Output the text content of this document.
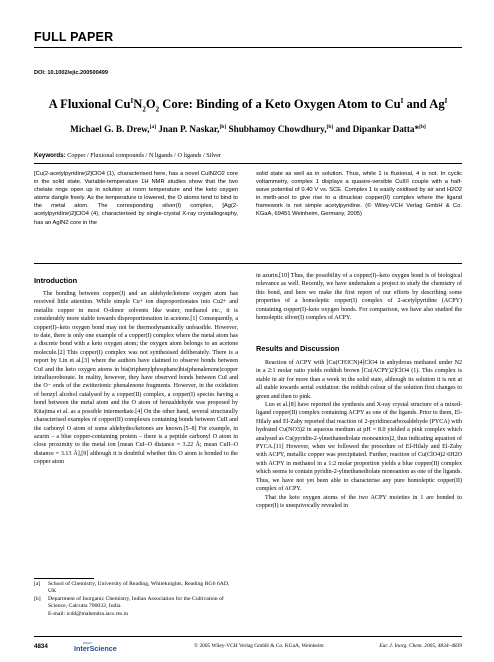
FULL PAPER
DOI: 10.1002/ejic.200500499
A Fluxional $Cu^IN_2O_2$ Core: Binding of a Keto Oxygen Atom to $Cu^I$ and $Ag^I$
Michael G. B. Drew,[a] Jnan P. Naskar,[b] Shubhamoy Chowdhury,[b] and Dipankar Datta*[b]
Keywords: Copper / Fluxional compounds / N ligands / O ligands / Silver
[Cu(2-acetylpyridine)2]ClO4 (1), characterised here, has a novel CuIN2O2 core in the solid state. Variable-temperature 1H NMR studies show that the two chelate rings open up in solution at room temperature and the keto oxygen atoms dangle freely. As the temperature is lowered, the O atoms tend to bind to the metal atom. The corresponding silver(I) complex, [Ag(2-acetylpyridine)2]ClO4 (4), characterised by single-crystal X-ray crystallography, has an AgIN2 core in the
solid state as well as in solution. Thus, while 1 is fluxional, 4 is not. In cyclic voltammetry, complex 1 displays a quasire-versible CuII/I couple with a half-wave potential of 0.40 V vs. SCE. Complex 1 is easily oxidised by air and H2O2 in meth-anol to give rise to a dinuclear copper(II) complex where the ligand framework is not simple acetylpyridine. (© Wiley-VCH Verlag GmbH & Co. KGaA, 69451 Weinheim, Germany, 2005)
Introduction

The bonding between copper(I) and an aldehyde/ketone oxygen atom has received little attention. While simple Cu+ ion disproportionates into Cu2+ and metallic copper in most O-donor solvents like water, methanol etc., it is considerably more stable towards disproportionation in acetone.[1] Consequently, a copper(I)–keto oxygen bond may not be thermodynamically unfeasible. However, to date, there is only one example of a copper(I) complex where the metal atom has a discrete bond with a keto oxygen atom; the oxygen atom belongs to an acetone molecule.[2] This copper(I) complex was not synthesised deliberately. There is a report by Lin et al.[3] where the authors have claimed to observe bonds between CuI and the keto oxygen atoms in bis(triphenylphosphane)bis(phenalenone)copper tetrafluoroborate. In reality, however, they have observed bonds between CuI and the O− ends of the zwitterionic phenalenone fragments. However, in the oxidation of benzyl alcohol catalysed by a copper(II) complex, a copper(I) species having a bond between the metal atom and the O atom of benzaldehyde was proposed by Kitajima et al. as a possible intermediate.[4] On the other hand, several structurally characterised examples of copper(II) complexes containing bonds between CuII and the carbonyl O atom of some aldehydes/ketones are known.[5–8] For example, in azurin – a blue copper-containing protein – there is a peptide carbonyl O atom in close proximity to the metal ion [mean CuI–O distance = 3.22 Å; mean CuII–O distance = 3.13 Å],[9] although it is doubtful whether this O atom is bonded to the copper atom

in azurin.[10] Thus, the possibility of a copper(I)–keto oxygen bond is of biological relevance as well. Recently, we have undertaken a project to study the chemistry of this bond, and here we make the first report of our efforts by describing some properties of a homoleptic copper(I) complex of 2-acetylpyridine (ACPY) containing copper(I)–keto oxygen bonds. For comparison, we have also studied the homoleptic silver(I) complex of ACPY.

Results and Discussion

Reaction of ACPY with [Cu(CH3CN)4]ClO4 in anhydrous methanol under N2 in a 2:1 molar ratio yields reddish brown [Cu(ACPY)2]ClO4 (1). This complex is stable in air for more than a week in the solid state, although its solution it is not at all stable towards aerial oxidation: the reddish colour of the solution first changes to green and then to pink.

Luo et al.[8] have reported the synthesis and X-ray crystal structure of a mixed-ligand copper(II) complex containing ACPY as one of the ligands. Prior to them, El-Hilaly and El-Zaby reported that reaction of 2-pyridinecarboxaldehyde (PYCA) with hydrated Cu(NO3)2 in aqueous medium at pH = 8.0 yielded a pink complex which analysed as Cu(pyridin-2-ylmethanediolate monoanion)2, thus indicating aquation of PYCA.[11] However, when we followed the procedure of El-Hilaly and El-Zaby with ACPY, metallic copper was precipitated. Further, reaction of Cu(ClO4)2·6H2O with ACPY in methanol in a 1:2 molar proportion yields a blue copper(II) complex which seems to contain pyridin-2-ylmethanediolate monoanion as one of the ligands. Thus, we have not yet been able to characterise any pure homoleptic copper(II) complex of ACPY.

That the keto oxygen atoms of the two ACPY moieties in 1 are bonded to copper(I) is unequivocally revealed in

[a]	School of Chemistry, University of Reading, Whiteknights, Reading RG6 6AD, UK
[b]	Department of Inorganic Chemistry, Indian Association for the Cultivation of Science, Calcutta 700032, India
E-mail: icdd@mahendra.iacs.res.in
4834	WILEY
InterScience	© 2005 Wiley-VCH Verlag GmbH & Co. KGaA, Weinheim	Eur. J. Inorg. Chem. 2005, 4834–4839
